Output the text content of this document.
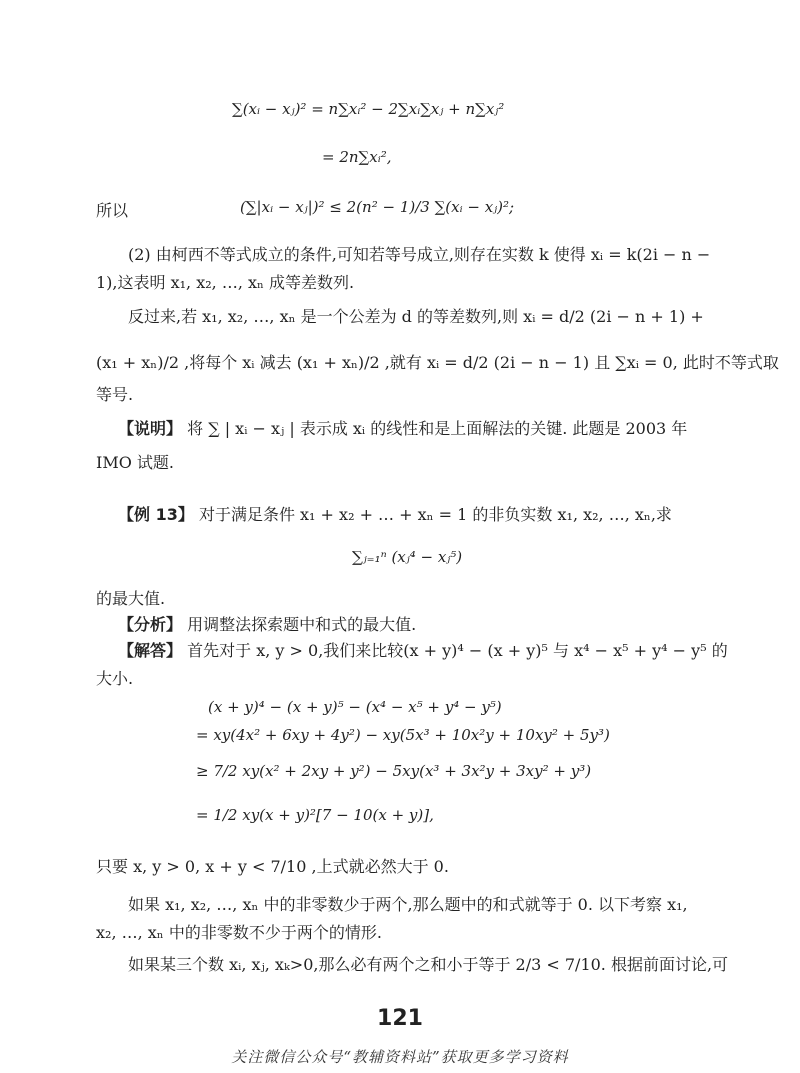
∑(xᵢ − xⱼ)² = n∑xᵢ² − 2∑xᵢ∑xⱼ + n∑xⱼ²
= 2n∑xᵢ²,
所以	(∑|xᵢ − xⱼ|)² ≤ 2(n² − 1)/3 ∑(xᵢ − xⱼ)²;
(2) 由柯西不等式成立的条件,可知若等号成立,则存在实数 k 使得 xᵢ = k(2i − n −
1),这表明 x₁, x₂, …, xₙ 成等差数列.
反过来,若 x₁, x₂, …, xₙ 是一个公差为 d 的等差数列,则 xᵢ = d/2 (2i − n + 1) +
(x₁ + xₙ)/2 ,将每个 xᵢ 减去 (x₁ + xₙ)/2 ,就有 xᵢ = d/2 (2i − n − 1) 且 ∑xᵢ = 0, 此时不等式取
等号.
【说明】 将 ∑ | xᵢ − xⱼ | 表示成 xᵢ 的线性和是上面解法的关键. 此题是 2003 年
IMO 试题.
【例 13】 对于满足条件 x₁ + x₂ + … + xₙ = 1 的非负实数 x₁, x₂, …, xₙ,求
∑ⱼ₌₁ⁿ (xⱼ⁴ − xⱼ⁵)
的最大值.
【分析】 用调整法探索题中和式的最大值.
【解答】 首先对于 x, y > 0,我们来比较(x + y)⁴ − (x + y)⁵ 与 x⁴ − x⁵ + y⁴ − y⁵ 的
大小.
(x + y)⁴ − (x + y)⁵ − (x⁴ − x⁵ + y⁴ − y⁵)
= xy(4x² + 6xy + 4y²) − xy(5x³ + 10x²y + 10xy² + 5y³)
≥ 7/2 xy(x² + 2xy + y²) − 5xy(x³ + 3x²y + 3xy² + y³)
= 1/2 xy(x + y)²[7 − 10(x + y)],
只要 x, y > 0, x + y < 7/10 ,上式就必然大于 0.
如果 x₁, x₂, …, xₙ 中的非零数少于两个,那么题中的和式就等于 0. 以下考察 x₁,
x₂, …, xₙ 中的非零数不少于两个的情形.
如果某三个数 xᵢ, xⱼ, xₖ>0,那么必有两个之和小于等于 2/3 < 7/10. 根据前面讨论,可
121
关注微信公众号“教辅资料站”获取更多学习资料
